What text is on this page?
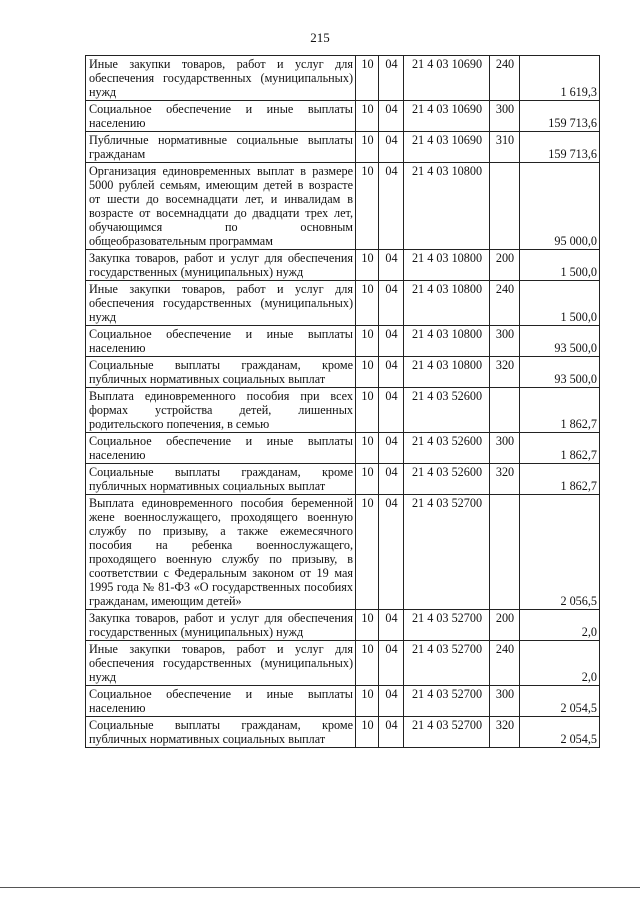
215
Иные закупки товаров, работ и услуг для обеспечения государственных (муниципальных) нужд	10	04	21 4 03 10690	240	1 619,3
Социальное обеспечение и иные выплаты населению	10	04	21 4 03 10690	300	159 713,6
Публичные нормативные социальные выплаты гражданам	10	04	21 4 03 10690	310	159 713,6
Организация единовременных выплат в размере 5000 рублей семьям, имеющим детей в возрасте от шести до восемнадцати лет, и инвалидам в возрасте от восемнадцати до двадцати трех лет, обучающимся по основным общеобразовательным программам	10	04	21 4 03 10800		95 000,0
Закупка товаров, работ и услуг для обеспечения государственных (муниципальных) нужд	10	04	21 4 03 10800	200	1 500,0
Иные закупки товаров, работ и услуг для обеспечения государственных (муниципальных) нужд	10	04	21 4 03 10800	240	1 500,0
Социальное обеспечение и иные выплаты населению	10	04	21 4 03 10800	300	93 500,0
Социальные выплаты гражданам, кроме публичных нормативных социальных выплат	10	04	21 4 03 10800	320	93 500,0
Выплата единовременного пособия при всех формах устройства детей, лишенных родительского попечения, в семью	10	04	21 4 03 52600		1 862,7
Социальное обеспечение и иные выплаты населению	10	04	21 4 03 52600	300	1 862,7
Социальные выплаты гражданам, кроме публичных нормативных социальных выплат	10	04	21 4 03 52600	320	1 862,7
Выплата единовременного пособия беременной жене военнослужащего, проходящего военную службу по призыву, а также ежемесячного пособия на ребенка военнослужащего, проходящего военную службу по призыву, в соответствии с Федеральным законом от 19 мая 1995 года № 81-ФЗ «О государственных пособиях гражданам, имеющим детей»	10	04	21 4 03 52700		2 056,5
Закупка товаров, работ и услуг для обеспечения государственных (муниципальных) нужд	10	04	21 4 03 52700	200	2,0
Иные закупки товаров, работ и услуг для обеспечения государственных (муниципальных) нужд	10	04	21 4 03 52700	240	2,0
Социальное обеспечение и иные выплаты населению	10	04	21 4 03 52700	300	2 054,5
Социальные выплаты гражданам, кроме публичных нормативных социальных выплат	10	04	21 4 03 52700	320	2 054,5
